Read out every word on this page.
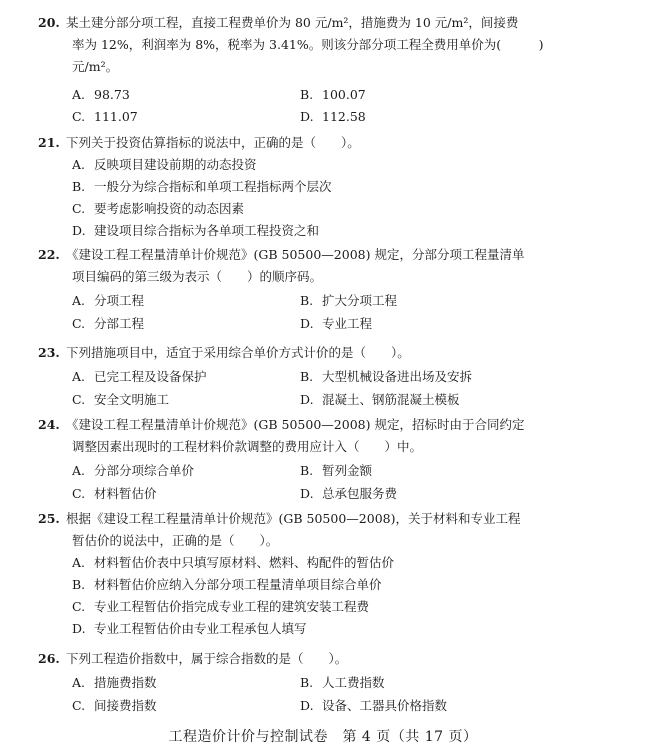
20. 某土建分部分项工程，直接工程费单价为 80 元/m²，措施费为 10 元/m²，间接费
率为 12%，利润率为 8%，税率为 3.41%。则该分部分项工程全费用单价为(　　　)
元/m²。
A. 98.73	B. 100.07
C. 111.07	D. 112.58
21. 下列关于投资估算指标的说法中，正确的是（　　）。
A. 反映项目建设前期的动态投资
B. 一般分为综合指标和单项工程指标两个层次
C. 要考虑影响投资的动态因素
D. 建设项目综合指标为各单项工程投资之和
22. 《建设工程工程量清单计价规范》(GB 50500—2008) 规定，分部分项工程量清单
项目编码的第三级为表示（　　）的顺序码。
A. 分项工程	B. 扩大分项工程
C. 分部工程	D. 专业工程
23. 下列措施项目中，适宜于采用综合单价方式计价的是（　　）。
A. 已完工程及设备保护	B. 大型机械设备进出场及安拆
C. 安全文明施工	D. 混凝土、钢筋混凝土模板
24. 《建设工程工程量清单计价规范》(GB 50500—2008) 规定，招标时由于合同约定
调整因素出现时的工程材料价款调整的费用应计入（　　）中。
A. 分部分项综合单价	B. 暂列金额
C. 材料暂估价	D. 总承包服务费
25. 根据《建设工程工程量清单计价规范》(GB 50500—2008)，关于材料和专业工程
暂估价的说法中，正确的是（　　）。
A. 材料暂估价表中只填写原材料、燃料、构配件的暂估价
B. 材料暂估价应纳入分部分项工程量清单项目综合单价
C. 专业工程暂估价指完成专业工程的建筑安装工程费
D. 专业工程暂估价由专业工程承包人填写
26. 下列工程造价指数中，属于综合指数的是（　　）。
A. 措施费指数	B. 人工费指数
C. 间接费指数	D. 设备、工器具价格指数
工程造价计价与控制试卷　第 4 页（共 17 页）
